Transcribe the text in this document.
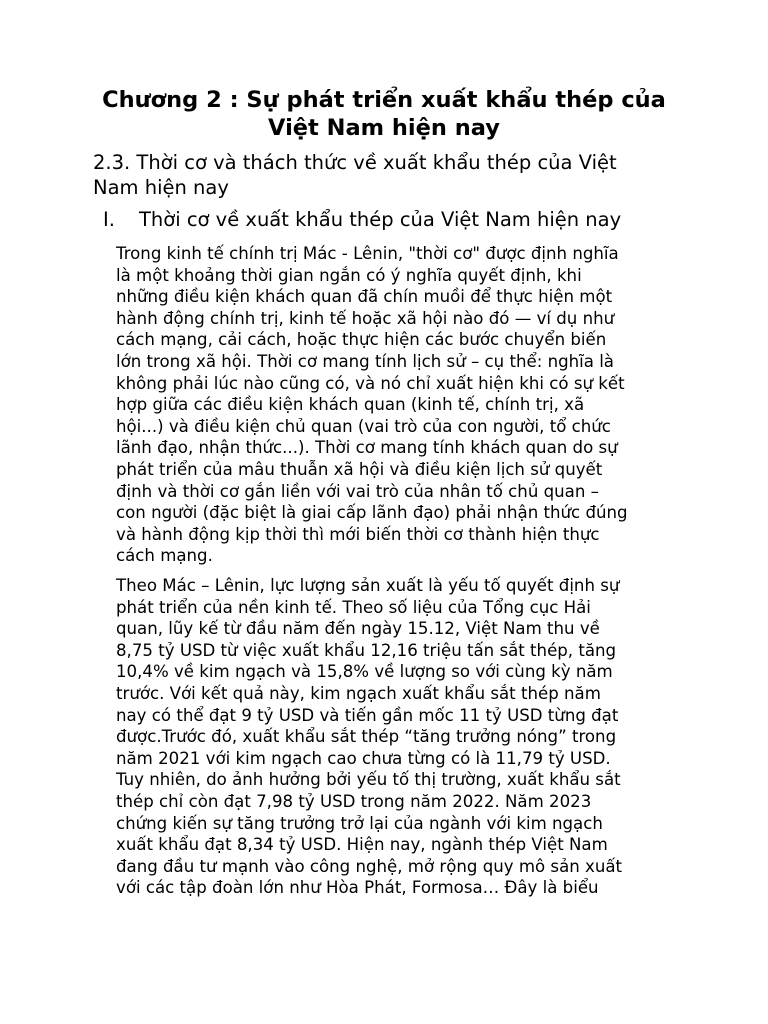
Chương 2 : Sự phát triển xuất khẩu thép của
Việt Nam hiện nay
2.3. Thời cơ và thách thức về xuất khẩu thép của Việt
Nam hiện nay
I. Thời cơ về xuất khẩu thép của Việt Nam hiện nay

Trong kinh tế chính trị Mác - Lênin, "thời cơ" được định nghĩa
là một khoảng thời gian ngắn có ý nghĩa quyết định, khi
những điều kiện khách quan đã chín muồi để thực hiện một
hành động chính trị, kinh tế hoặc xã hội nào đó — ví dụ như
cách mạng, cải cách, hoặc thực hiện các bước chuyển biến
lớn trong xã hội. Thời cơ mang tính lịch sử – cụ thể: nghĩa là
không phải lúc nào cũng có, và nó chỉ xuất hiện khi có sự kết
hợp giữa các điều kiện khách quan (kinh tế, chính trị, xã
hội...) và điều kiện chủ quan (vai trò của con người, tổ chức
lãnh đạo, nhận thức...). Thời cơ mang tính khách quan do sự
phát triển của mâu thuẫn xã hội và điều kiện lịch sử quyết
định và thời cơ gắn liền với vai trò của nhân tố chủ quan –
con người (đặc biệt là giai cấp lãnh đạo) phải nhận thức đúng
và hành động kịp thời thì mới biến thời cơ thành hiện thực
cách mạng.

Theo Mác – Lênin, lực lượng sản xuất là yếu tố quyết định sự
phát triển của nền kinh tế. Theo số liệu của Tổng cục Hải
quan, lũy kế từ đầu năm đến ngày 15.12, Việt Nam thu về
8,75 tỷ USD từ việc xuất khẩu 12,16 triệu tấn sắt thép, tăng
10,4% về kim ngạch và 15,8% về lượng so với cùng kỳ năm
trước. Với kết quả này, kim ngạch xuất khẩu sắt thép năm
nay có thể đạt 9 tỷ USD và tiến gần mốc 11 tỷ USD từng đạt
được.Trước đó, xuất khẩu sắt thép “tăng trưởng nóng” trong
năm 2021 với kim ngạch cao chưa từng có là 11,79 tỷ USD.
Tuy nhiên, do ảnh hưởng bởi yếu tố thị trường, xuất khẩu sắt
thép chỉ còn đạt 7,98 tỷ USD trong năm 2022. Năm 2023
chứng kiến sự tăng trưởng trở lại của ngành với kim ngạch
xuất khẩu đạt 8,34 tỷ USD. Hiện nay, ngành thép Việt Nam
đang đầu tư mạnh vào công nghệ, mở rộng quy mô sản xuất
với các tập đoàn lớn như Hòa Phát, Formosa… Đây là biểu
